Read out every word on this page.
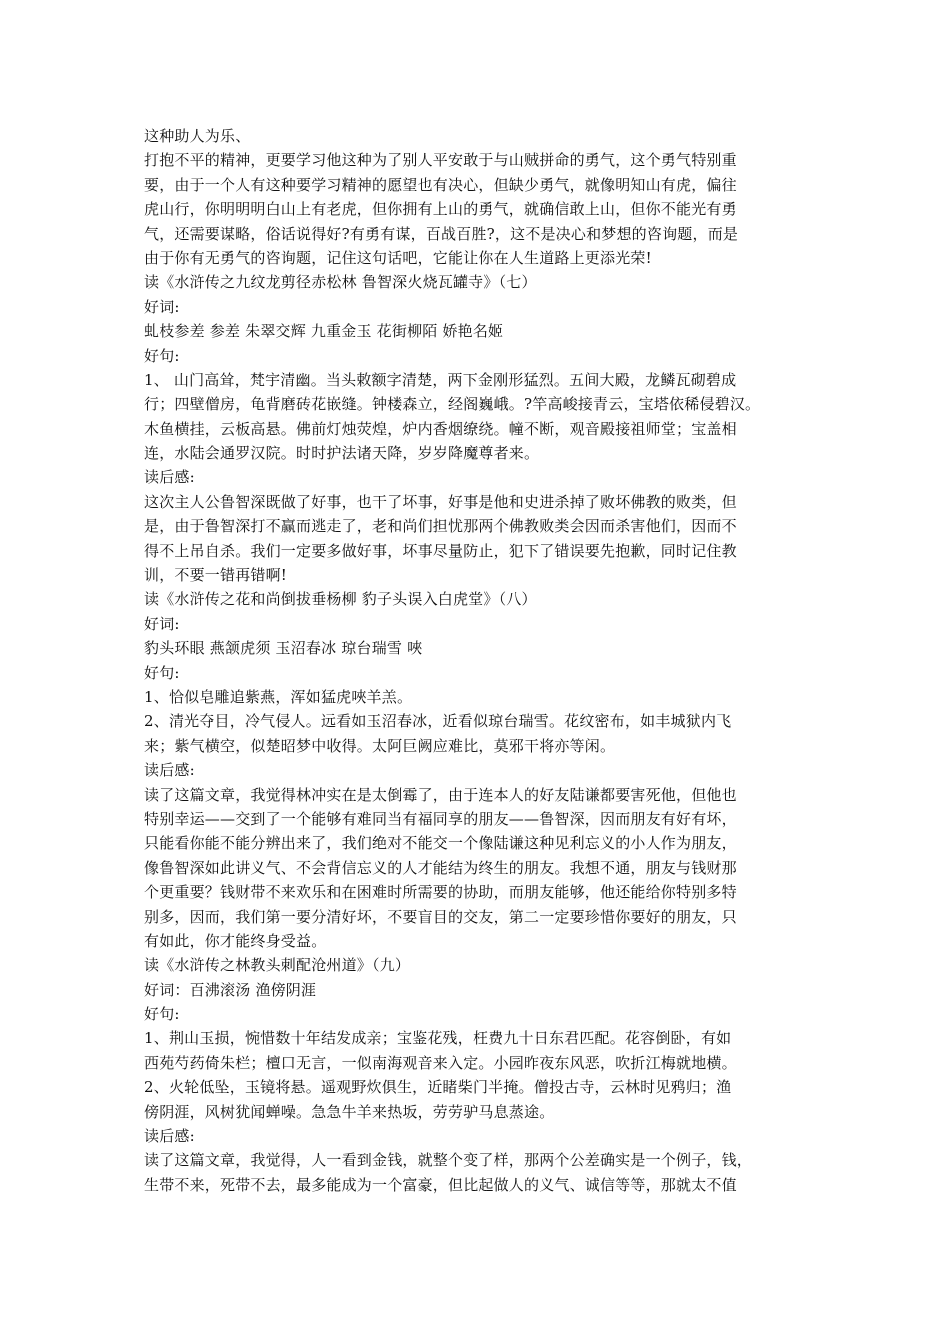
这种助人为乐、
打抱不平的精神，更要学习他这种为了别人平安敢于与山贼拼命的勇气，这个勇气特别重
要，由于一个人有这种要学习精神的愿望也有决心，但缺少勇气，就像明知山有虎，偏往
虎山行，你明明明白山上有老虎，但你拥有上山的勇气，就确信敢上山，但你不能光有勇
气，还需要谋略，俗话说得好?有勇有谋，百战百胜?，这不是决心和梦想的咨询题，而是
由于你有无勇气的咨询题，记住这句话吧，它能让你在人生道路上更添光荣!
读《水浒传之九纹龙剪径赤松林 鲁智深火烧瓦罐寺》（七）
好词:
虬枝参差 参差 朱翠交辉 九重金玉 花街柳陌 娇艳名姬
好句:
1、 山门高耸，梵宇清幽。当头敕额字清楚，两下金刚形猛烈。五间大殿，龙鳞瓦砌碧成
行；四壁僧房，龟背磨砖花嵌缝。钟楼森立，经阁巍峨。?竿高峻接青云，宝塔依稀侵碧汉。
木鱼横挂，云板高悬。佛前灯烛荧煌，炉内香烟缭绕。幢不断，观音殿接祖师堂；宝盖相
连，水陆会通罗汉院。时时护法诸天降，岁岁降魔尊者来。
读后感:
这次主人公鲁智深既做了好事，也干了坏事，好事是他和史进杀掉了败坏佛教的败类，但
是，由于鲁智深打不赢而逃走了，老和尚们担忧那两个佛教败类会因而杀害他们，因而不
得不上吊自杀。我们一定要多做好事，坏事尽量防止，犯下了错误要先抱歉，同时记住教
训，不要一错再错啊!
读《水浒传之花和尚倒拔垂杨柳 豹子头误入白虎堂》（八）
好词:
豹头环眼 燕颔虎须 玉沼春冰 琼台瑞雪 唊
好句:
1、恰似皂雕追紫燕，浑如猛虎唊羊羔。
2、清光夺目，冷气侵人。远看如玉沼春冰，近看似琼台瑞雪。花纹密布，如丰城狱内飞
来；紫气横空，似楚昭梦中收得。太阿巨阙应难比，莫邪干将亦等闲。
读后感:
读了这篇文章，我觉得林冲实在是太倒霉了，由于连本人的好友陆谦都要害死他，但他也
特别幸运——交到了一个能够有难同当有福同享的朋友——鲁智深，因而朋友有好有坏，
只能看你能不能分辨出来了，我们绝对不能交一个像陆谦这种见利忘义的小人作为朋友，
像鲁智深如此讲义气、不会背信忘义的人才能结为终生的朋友。我想不通，朋友与钱财那
个更重要？钱财带不来欢乐和在困难时所需要的协助，而朋友能够，他还能给你特别多特
别多，因而，我们第一要分清好坏，不要盲目的交友，第二一定要珍惜你要好的朋友，只
有如此，你才能终身受益。
读《水浒传之林教头刺配沧州道》（九）
好词：百沸滚汤 渔傍阴涯
好句:
1、荆山玉损，惋惜数十年结发成亲；宝鉴花残，枉费九十日东君匹配。花容倒卧，有如
西苑芍药倚朱栏；檀口无言，一似南海观音来入定。小园昨夜东风恶，吹折江梅就地横。
2、火轮低坠，玉镜将悬。遥观野炊俱生，近睹柴门半掩。僧投古寺，云林时见鸦归；渔
傍阴涯，风树犹闻蝉噪。急急牛羊来热坂，劳劳驴马息蒸途。
读后感:
读了这篇文章，我觉得，人一看到金钱，就整个变了样，那两个公差确实是一个例子，钱，
生带不来，死带不去，最多能成为一个富豪，但比起做人的义气、诚信等等，那就太不值
